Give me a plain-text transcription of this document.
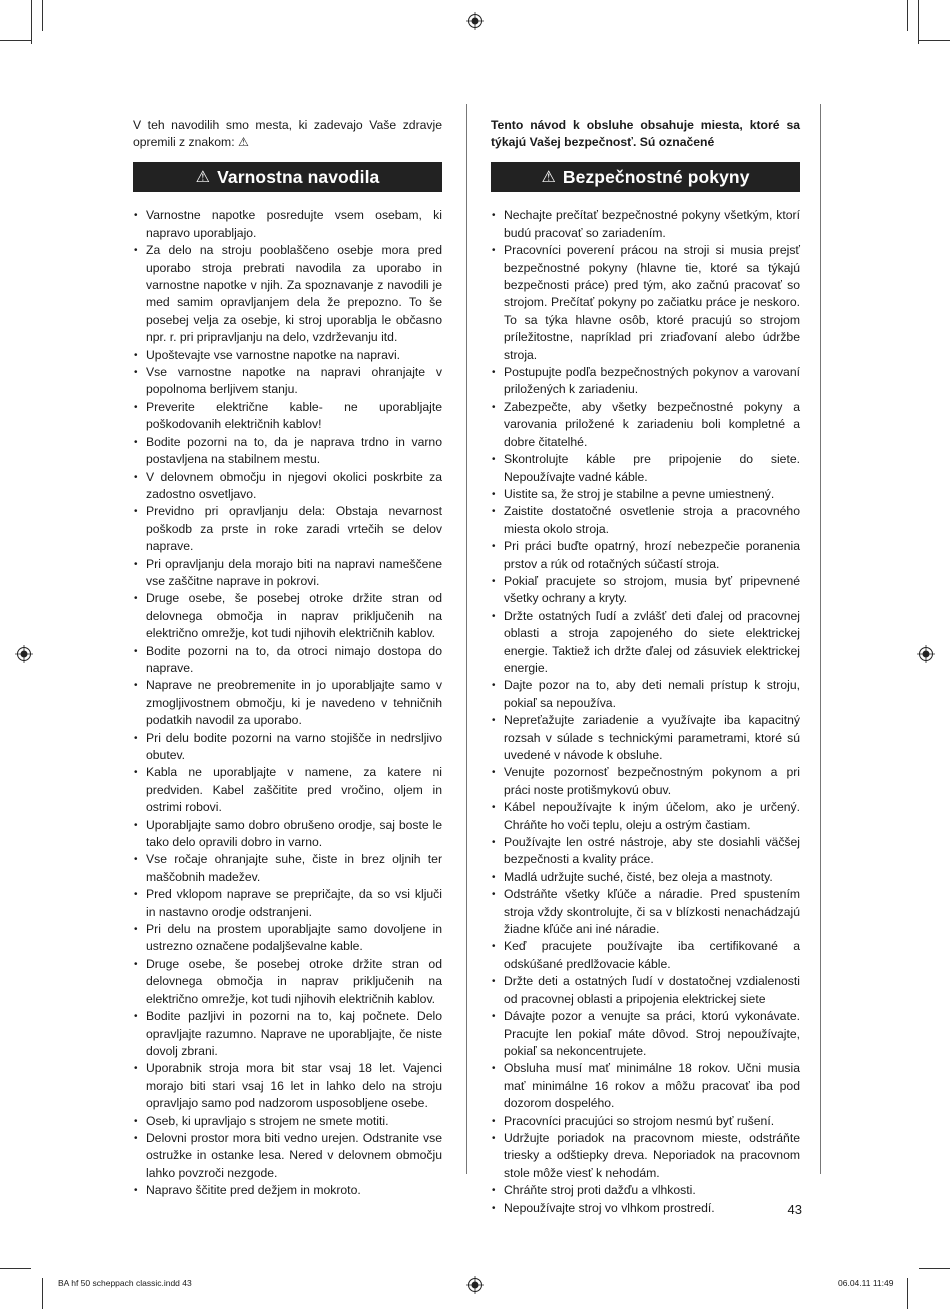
V teh navodilih smo mesta, ki zadevajo Vaše zdravje opremili z znakom: ⚠

⚠ Varnostna navodila
• Varnostne napotke posredujte vsem osebam, ki napravo uporabljajo.
• Za delo na stroju pooblaščeno osebje mora pred uporabo stroja prebrati navodila za uporabo in varnostne napotke v njih. Za spoznavanje z navodili je med samim opravljanjem dela že prepozno. To še posebej velja za osebje, ki stroj uporablja le občasno npr. r. pri pripravljanju na delo, vzdrževanju itd.
• Upoštevajte vse varnostne napotke na napravi.
• Vse varnostne napotke na napravi ohranjajte v popolnoma berljivem stanju.
• Preverite električne kable- ne uporabljajte poškodovanih električnih kablov!
• Bodite pozorni na to, da je naprava trdno in varno postavljena na stabilnem mestu.
• V delovnem območju in njegovi okolici poskrbite za zadostno osvetljavo.
• Previdno pri opravljanju dela: Obstaja nevarnost poškodb za prste in roke zaradi vrtečih se delov naprave.
• Pri opravljanju dela morajo biti na napravi nameščene vse zaščitne naprave in pokrovi.
• Druge osebe, še posebej otroke držite stran od delovnega območja in naprav priključenih na električno omrežje, kot tudi njihovih električnih kablov.
• Bodite pozorni na to, da otroci nimajo dostopa do naprave.
• Naprave ne preobremenite in jo uporabljajte samo v zmogljivostnem območju, ki je navedeno v tehničnih podatkih navodil za uporabo.
• Pri delu bodite pozorni na varno stojišče in nedrsljivo obutev.
• Kabla ne uporabljajte v namene, za katere ni predviden. Kabel zaščitite pred vročino, oljem in ostrimi robovi.
• Uporabljajte samo dobro obrušeno orodje, saj boste le tako delo opravili dobro in varno.
• Vse ročaje ohranjajte suhe, čiste in brez oljnih ter maščobnih madežev.
• Pred vklopom naprave se prepričajte, da so vsi ključi in nastavno orodje odstranjeni.
• Pri delu na prostem uporabljajte samo dovoljene in ustrezno označene podaljševalne kable.
• Druge osebe, še posebej otroke držite stran od delovnega območja in naprav priključenih na električno omrežje, kot tudi njihovih električnih kablov.
• Bodite pazljivi in pozorni na to, kaj počnete. Delo opravljajte razumno. Naprave ne uporabljajte, če niste dovolj zbrani.
• Uporabnik stroja mora bit star vsaj 18 let. Vajenci morajo biti stari vsaj 16 let in lahko delo na stroju opravljajo samo pod nadzorom usposobljene osebe.
• Oseb, ki upravljajo s strojem ne smete motiti.
• Delovni prostor mora biti vedno urejen. Odstranite vse ostružke in ostanke lesa. Nered v delovnem območju lahko povzroči nezgode.
• Napravo ščitite pred dežjem in mokroto.

Tento návod k obsluhe obsahuje miesta, ktoré sa týkajú Vašej bezpečnosť. Sú označené

⚠ Bezpečnostné pokyny
• Nechajte prečítať bezpečnostné pokyny všetkým, ktorí budú pracovať so zariadením.
• Pracovníci poverení prácou na stroji si musia prejsť bezpečnostné pokyny (hlavne tie, ktoré sa týkajú bezpečnosti práce) pred tým, ako začnú pracovať so strojom. Prečítať pokyny po začiatku práce je neskoro. To sa týka hlavne osôb, ktoré pracujú so strojom príležitostne, napríklad pri zriaďovaní alebo údržbe stroja.
• Postupujte podľa bezpečnostných pokynov a varovaní priložených k zariadeniu.
• Zabezpečte, aby všetky bezpečnostné pokyny a varovania priložené k zariadeniu boli kompletné a dobre čitatelhé.
• Skontrolujte káble pre pripojenie do siete. Nepoužívajte vadné káble.
• Uistite sa, že stroj je stabilne a pevne umiestnený.
• Zaistite dostatočné osvetlenie stroja a pracovného miesta okolo stroja.
• Pri práci buďte opatrný, hrozí nebezpečie poranenia prstov a rúk od rotačných súčastí stroja.
• Pokiaľ pracujete so strojom, musia byť pripevnené všetky ochrany a kryty.
• Držte ostatných ľudí a zvlášť deti ďalej od pracovnej oblasti a stroja zapojeného do siete elektrickej energie. Taktiež ich držte ďalej od zásuviek elektrickej energie.
• Dajte pozor na to, aby deti nemali prístup k stroju, pokiaľ sa nepoužíva.
• Nepreťažujte zariadenie a využívajte iba kapacitný rozsah v súlade s technickými parametrami, ktoré sú uvedené v návode k obsluhe.
• Venujte pozornosť bezpečnostným pokynom a pri práci noste protišmykovú obuv.
• Kábel nepoužívajte k iným účelom, ako je určený. Chráňte ho voči teplu, oleju a ostrým častiam.
• Používajte len ostré nástroje, aby ste dosiahli väčšej bezpečnosti a kvality práce.
• Madlá udržujte suché, čisté, bez oleja a mastnoty.
• Odstráňte všetky kľúče a náradie. Pred spustením stroja vždy skontrolujte, či sa v blízkosti nenachádzajú žiadne kľúče ani iné náradie.
• Keď pracujete používajte iba certifikované a odskúšané predlžovacie káble.
• Držte deti a ostatných ľudí v dostatočnej vzdialenosti od pracovnej oblasti a pripojenia elektrickej siete
• Dávajte pozor a venujte sa práci, ktorú vykonávate. Pracujte len pokiaľ máte dôvod. Stroj nepoužívajte, pokiaľ sa nekoncentrujete.
• Obsluha musí mať minimálne 18 rokov. Učni musia mať minimálne 16 rokov a môžu pracovať iba pod dozorom dospelého.
• Pracovníci pracujúci so strojom nesmú byť rušení.
• Udržujte poriadok na pracovnom mieste, odstráňte triesky a odštiepky dreva. Neporiadok na pracovnom stole môže viesť k nehodám.
• Chráňte stroj proti dažďu a vlhkosti.
• Nepoužívajte stroj vo vlhkom prostredí.	43
BA hf 50 scheppach classic.indd 43	06.04.11 11:49
